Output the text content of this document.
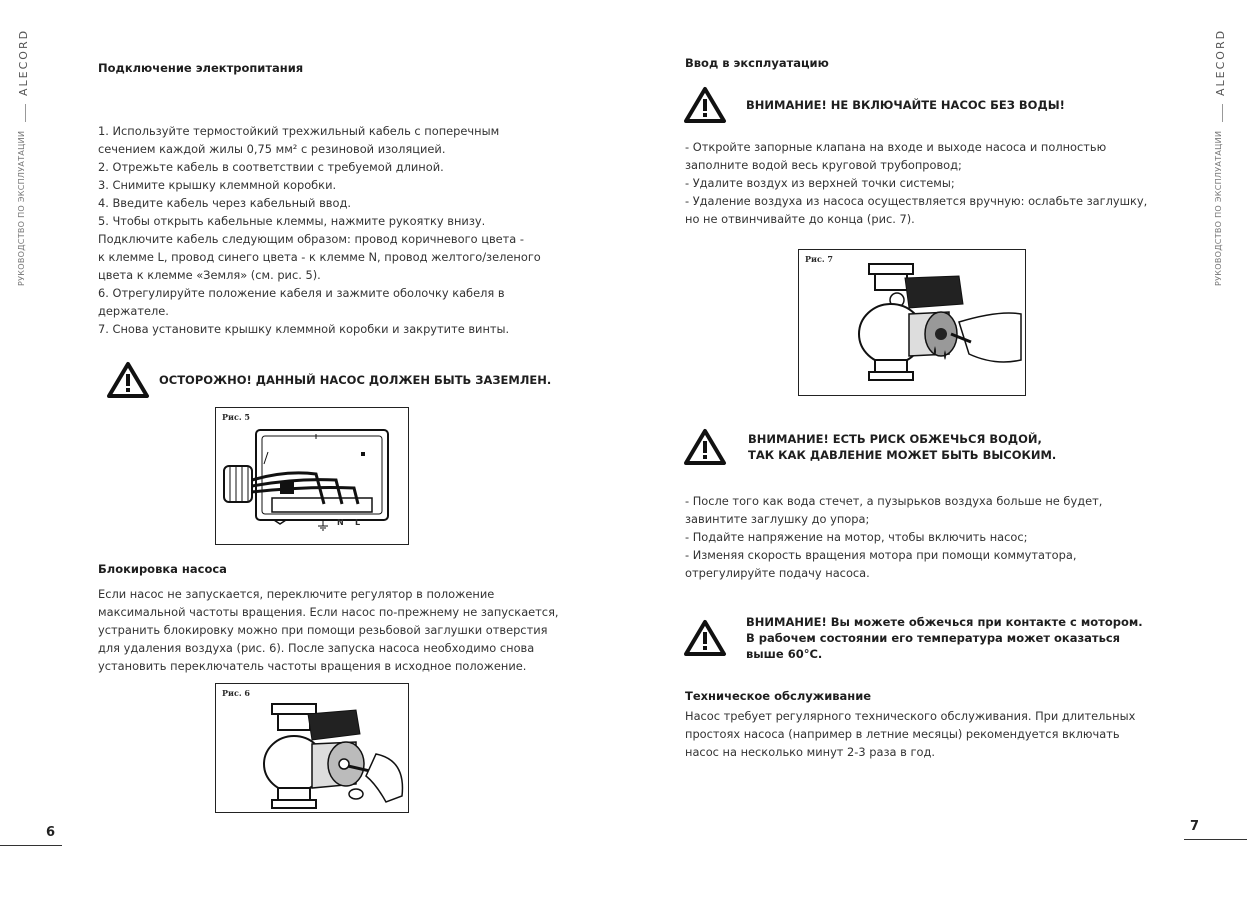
ALECORD
РУКОВОДСТВО ПО ЭКСПЛУАТАЦИИ
ALECORD
РУКОВОДСТВО ПО ЭКСПЛУАТАЦИИ
Подключение электропитания
1. Используйте термостойкий трехжильный кабель с поперечным
сечением каждой жилы 0,75 мм² с резиновой изоляцией.
2. Отрежьте кабель в соответствии с требуемой длиной.
3. Снимите крышку клеммной коробки.
4. Введите кабель через кабельный ввод.
5. Чтобы открыть кабельные клеммы, нажмите рукоятку внизу.
Подключите кабель следующим образом: провод коричневого цвета -
к клемме L, провод синего цвета - к клемме N, провод желтого/зеленого
цвета к клемме «Земля» (см. рис. 5).
6. Отрегулируйте положение кабеля и зажмите оболочку кабеля в
держателе.
7. Снова установите крышку клеммной коробки и закрутите винты.
ОСТОРОЖНО! ДАННЫЙ НАСОС ДОЛЖЕН БЫТЬ ЗАЗЕМЛЕН.
Рис. 5
N L
Блокировка насоса
Если насос не запускается, переключите регулятор в положение
максимальной частоты вращения. Если насос по-прежнему не запускается,
устранить блокировку можно при помощи резьбовой заглушки отверстия
для удаления воздуха (рис. 6). После запуска насоса необходимо снова
установить переключатель частоты вращения в исходное положение.
Рис. 6
6
Ввод в эксплуатацию
ВНИМАНИЕ! НЕ ВКЛЮЧАЙТЕ НАСОС БЕЗ ВОДЫ!
- Откройте запорные клапана на входе и выходе насоса и полностью
заполните водой весь круговой трубопровод;
- Удалите воздух из верхней точки системы;
- Удаление воздуха из насоса осуществляется вручную: ослабьте заглушку,
но не отвинчивайте до конца (рис. 7).
Рис. 7
ВНИМАНИЕ! ЕСТЬ РИСК ОБЖЕЧЬСЯ ВОДОЙ,
ТАК КАК ДАВЛЕНИЕ МОЖЕТ БЫТЬ ВЫСОКИМ.
- После того как вода стечет, а пузырьков воздуха больше не будет,
завинтите заглушку до упора;
- Подайте напряжение на мотор, чтобы включить насос;
- Изменяя скорость вращения мотора при помощи коммутатора,
отрегулируйте подачу насоса.
ВНИМАНИЕ! Вы можете обжечься при контакте с мотором.
В рабочем состоянии его температура может оказаться
выше 60°C.
Техническое обслуживание
Насос требует регулярного технического обслуживания. При длительных
простоях насоса (например в летние месяцы) рекомендуется включать
насос на несколько минут 2-3 раза в год.
7
